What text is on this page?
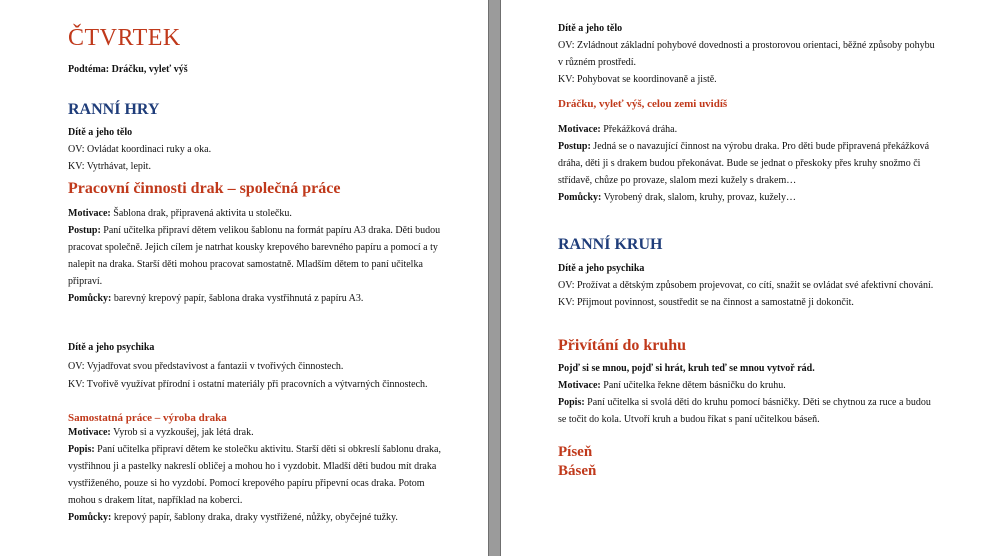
ČTVRTEK

Podtéma: Dráčku, vyleť výš

RANNÍ HRY

Dítě a jeho tělo

OV: Ovládat koordinaci ruky a oka.

KV: Vytrhávat, lepit.

Pracovní činnosti drak – společná práce

Motivace: Šablona drak, připravená aktivita u stolečku.

Postup: Paní učitelka připraví dětem velikou šablonu na formát papíru A3 draka. Děti budou

pracovat společně. Jejich cílem je natrhat kousky krepového barevného papíru a pomocí a ty

nalepit na draka. Starší děti mohou pracovat samostatně. Mladším dětem to paní učitelka

připraví.

Pomůcky: barevný krepový papír, šablona draka vystřihnutá z papíru A3.

Dítě a jeho psychika

OV: Vyjadřovat svou představivost a fantazii v tvořivých činnostech.

KV: Tvořivě využívat přírodní i ostatní materiály při pracovních a výtvarných činnostech.

Samostatná práce – výroba draka

Motivace: Vyrob si a vyzkoušej, jak létá drak.

Popis: Paní učitelka připraví dětem ke stolečku aktivitu. Starší děti si obkreslí šablonu draka,

vystřihnou ji a pastelky nakreslí obličej a mohou ho i vyzdobit. Mladší děti budou mít draka

vystřiženého, pouze si ho vyzdobí. Pomocí krepového papíru připevní ocas draka. Potom

mohou s drakem lítat, například na koberci.

Pomůcky: krepový papír, šablony draka, draky vystřižené, nůžky, obyčejné tužky.

Dítě a jeho tělo

OV: Zvládnout základní pohybové dovednosti a prostorovou orientaci, běžné způsoby pohybu

v různém prostředí.

KV: Pohybovat se koordinovaně a jistě.

Dráčku, vyleť výš, celou zemi uvidíš

Motivace: Překážková dráha.

Postup: Jedná se o navazující činnost na výrobu draka. Pro děti bude připravená překážková

dráha, děti ji s drakem budou překonávat. Bude se jednat o přeskoky přes kruhy snožmo či

střídavě, chůze po provaze, slalom mezi kužely s drakem…

Pomůcky: Vyrobený drak, slalom, kruhy, provaz, kužely…

RANNÍ KRUH

Dítě a jeho psychika

OV: Prožívat a dětským způsobem projevovat, co cítí, snažit se ovládat své afektivní chování.

KV: Přijmout povinnost, soustředit se na činnost a samostatně ji dokončit.

Přivítání do kruhu

Pojď si se mnou, pojď si hrát, kruh teď se mnou vytvoř rád.

Motivace: Paní učitelka řekne dětem básničku do kruhu.

Popis: Paní učitelka si svolá děti do kruhu pomocí básničky. Děti se chytnou za ruce a budou

se točit do kola. Utvoří kruh a budou říkat s paní učitelkou báseň.

Píseň
Báseň
